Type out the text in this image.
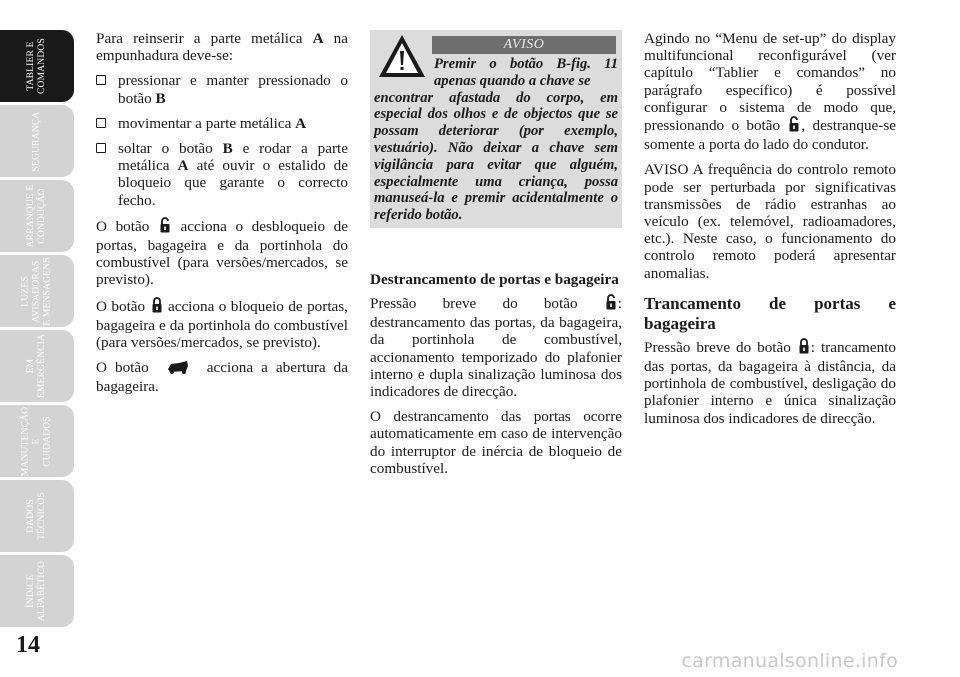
TABLIER E
COMANDOS
SEGURANÇA
ARRANQUE E
CONDUÇÃO
LUZES
AVISADORAS
E MENSAGENS
EM
EMERGÊNCIA
MANUTENÇÃO E
CUIDADOS
DADOS
TÉCNICOS
ÍNDICE
ALFABÉTICO
14

Para reinserir a parte metálica A na empunhadura deve-se:

pressionar e manter pressionado o botão B

movimentar a parte metálica A

soltar o botão B e rodar a parte metálica A até ouvir o estalido de bloqueio que garante o correcto fecho.

O botão  acciona o desbloqueio de portas, bagageira e da portinhola do combustível (para versões/mercados, se previsto).

O botão  acciona o bloqueio de portas, bagageira e da portinhola do combustível (para versões/mercados, se previsto).

O botão	acciona a abertura da bagageira.

AVISO
Premir o botão B-fig. 11 apenas quando a chave se
encontrar afastada do corpo, em especial dos olhos e de objectos que se possam deteriorar (por exemplo, vestuário). Não deixar a chave sem vigilância para evitar que alguém, especialmente uma criança, possa manuseá-la e premir acidentalmente o referido botão.
Destrancamento de portas e bagageira

Pressão breve do botão : destrancamento das portas, da bagageira, da portinhola de combustível, accionamento temporizado do plafonier interno e dupla sinalização luminosa dos indicadores de direcção.

O destrancamento das portas ocorre automaticamente em caso de intervenção do interruptor de inércia de bloqueio de combustível.

Agindo no “Menu de set-up” do display multifuncional reconfigurável (ver capítulo “Tablier e comandos” no parágrafo específico) é possível configurar o sistema de modo que, pressionando o botão , destranque-se somente a porta do lado do condutor.

AVISO A frequência do controlo remoto pode ser perturbada por significativas transmissões de rádio estranhas ao veículo (ex. telemóvel, radioamadores, etc.). Neste caso, o funcionamento do controlo remoto poderá apresentar anomalias.

Trancamento de portas e bagageira

Pressão breve do botão : trancamento das portas, da bagageira à distância, da portinhola de combustível, desligação do plafonier interno e única sinalização luminosa dos indicadores de direcção.

carmanualsonline.info
